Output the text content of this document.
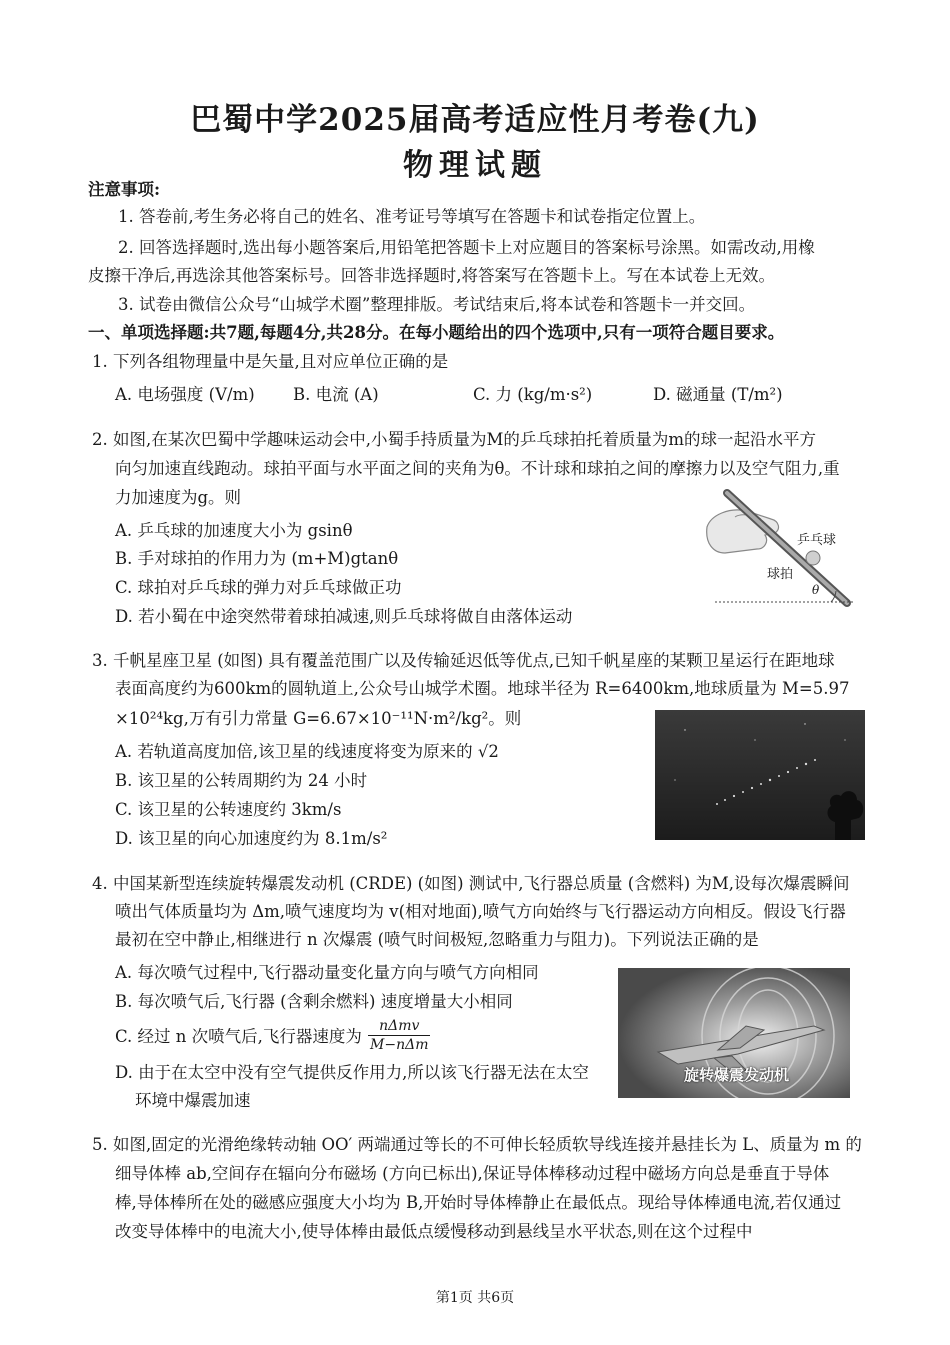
巴蜀中学2025届高考适应性月考卷(九)
物理试题
注意事项:
1. 答卷前,考生务必将自己的姓名、准考证号等填写在答题卡和试卷指定位置上。
2. 回答选择题时,选出每小题答案后,用铅笔把答题卡上对应题目的答案标号涂黑。如需改动,用橡
皮擦干净后,再选涂其他答案标号。回答非选择题时,将答案写在答题卡上。写在本试卷上无效。
3. 试卷由微信公众号“山城学术圈”整理排版。考试结束后,将本试卷和答题卡一并交回。
一、单项选择题:共7题,每题4分,共28分。在每小题给出的四个选项中,只有一项符合题目要求。
1. 下列各组物理量中是矢量,且对应单位正确的是
A. 电场强度 (V/m) B. 电流 (A)	C. 力 (kg/m·s²)	D. 磁通量 (T/m²)
2. 如图,在某次巴蜀中学趣味运动会中,小蜀手持质量为M的乒乓球拍托着质量为m的球一起沿水平方
向匀加速直线跑动。球拍平面与水平面之间的夹角为θ。不计球和球拍之间的摩擦力以及空气阻力,重
力加速度为g。则
A. 乒乓球的加速度大小为 gsinθ
B. 手对球拍的作用力为 (m+M)gtanθ
C. 球拍对乒乓球的弹力对乒乓球做正功
D. 若小蜀在中途突然带着球拍减速,则乒乓球将做自由落体运动
乒乓球
球拍
θ
3. 千帆星座卫星 (如图) 具有覆盖范围广以及传输延迟低等优点,已知千帆星座的某颗卫星运行在距地球
表面高度约为600km的圆轨道上,公众号山城学术圈。地球半径为 R=6400km,地球质量为 M=5.97
×10²⁴kg,万有引力常量 G=6.67×10⁻¹¹N·m²/kg²。则
A. 若轨道高度加倍,该卫星的线速度将变为原来的 √2
B. 该卫星的公转周期约为 24 小时
C. 该卫星的公转速度约 3km/s
D. 该卫星的向心加速度约为 8.1m/s²
4. 中国某新型连续旋转爆震发动机 (CRDE) (如图) 测试中,飞行器总质量 (含燃料) 为M,设每次爆震瞬间
喷出气体质量均为 Δm,喷气速度均为 v(相对地面),喷气方向始终与飞行器运动方向相反。假设飞行器
最初在空中静止,相继进行 n 次爆震 (喷气时间极短,忽略重力与阻力)。下列说法正确的是
A. 每次喷气过程中,飞行器动量变化量方向与喷气方向相同
B. 每次喷气后,飞行器 (含剩余燃料) 速度增量大小相同
C. 经过 n 次喷气后,飞行器速度为
nΔmv
M−nΔm
D. 由于在太空中没有空气提供反作用力,所以该飞行器无法在太空
环境中爆震加速
旋转爆震发动机
5. 如图,固定的光滑绝缘转动轴 OO′ 两端通过等长的不可伸长轻质软导线连接并悬挂长为 L、质量为 m 的
细导体棒 ab,空间存在辐向分布磁场 (方向已标出),保证导体棒移动过程中磁场方向总是垂直于导体
棒,导体棒所在处的磁感应强度大小均为 B,开始时导体棒静止在最低点。现给导体棒通电流,若仅通过
改变导体棒中的电流大小,使导体棒由最低点缓慢移动到悬线呈水平状态,则在这个过程中
第1页 共6页
